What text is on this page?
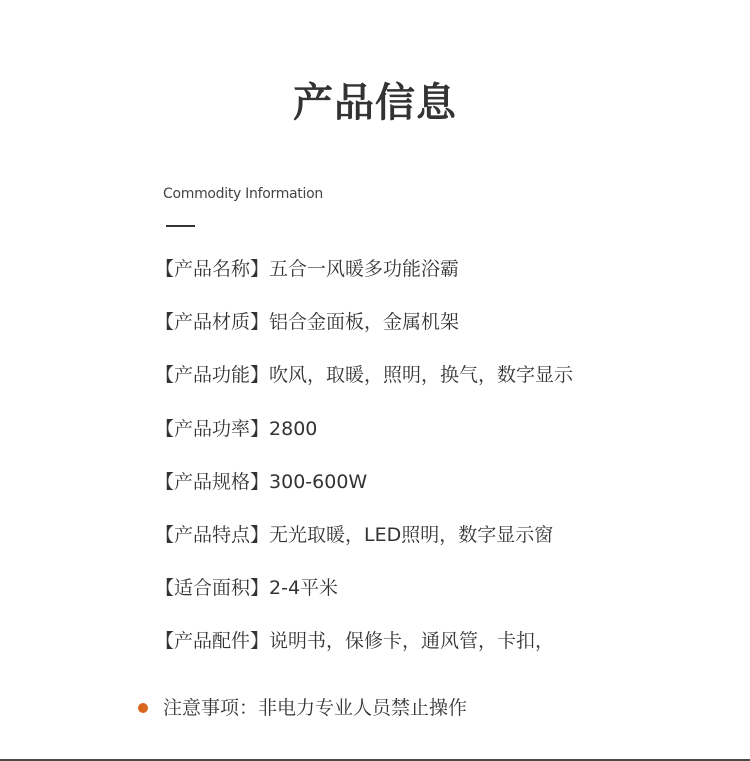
产品信息
Commodity Information
【产品名称】 五合一风暖多功能浴霸
【产品材质】 铝合金面板，金属机架
【产品功能】 吹风，取暖，照明，换气，数字显示
【产品功率】 2800
【产品规格】 300-600W
【产品特点】 无光取暖，LED照明，数字显示窗
【适合面积】 2-4平米
【产品配件】 说明书，保修卡，通风管，卡扣，
注意事项：非电力专业人员禁止操作
